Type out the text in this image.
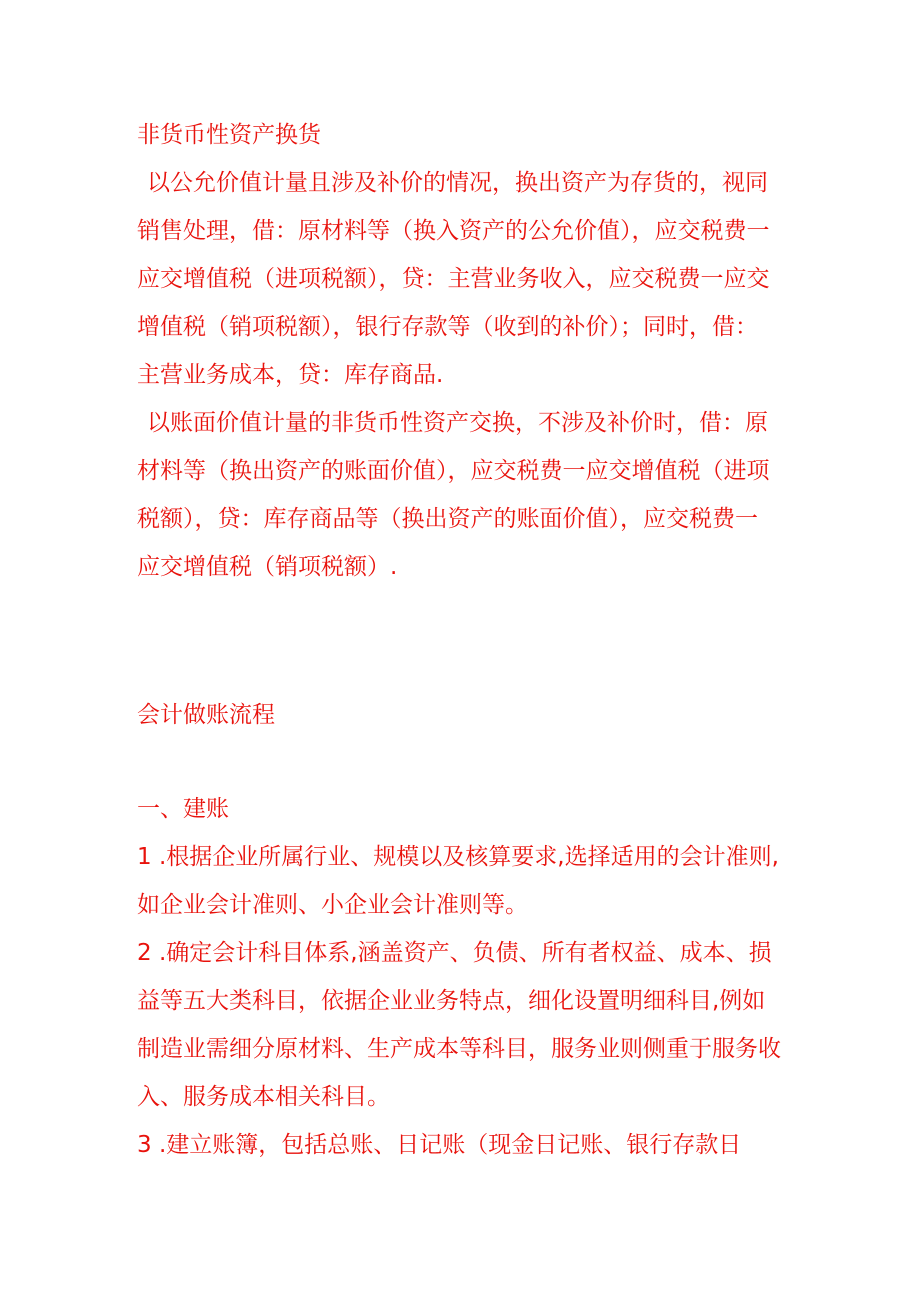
非货币性资产换货
以公允价值计量且涉及补价的情况，换出资产为存货的，视同
销售处理，借：原材料等（换入资产的公允价值），应交税费一
应交增值税（进项税额），贷：主营业务收入，应交税费一应交
增值税（销项税额），银行存款等（收到的补价）；同时，借：
主营业务成本，贷：库存商品.
以账面价值计量的非货币性资产交换，不涉及补价时，借：原
材料等（换出资产的账面价值），应交税费一应交增值税（进项
税额），贷：库存商品等（换出资产的账面价值），应交税费一
应交增值税（销项税额）.
会计做账流程
一、建账
1 .根据企业所属行业、规模以及核算要求,选择适用的会计准则,
如企业会计准则、小企业会计准则等。
2 .确定会计科目体系,涵盖资产、负债、所有者权益、成本、损
益等五大类科目，依据企业业务特点，细化设置明细科目,例如
制造业需细分原材料、生产成本等科目，服务业则侧重于服务收
入、服务成本相关科目。
3 .建立账簿，包括总账、日记账（现金日记账、银行存款日
